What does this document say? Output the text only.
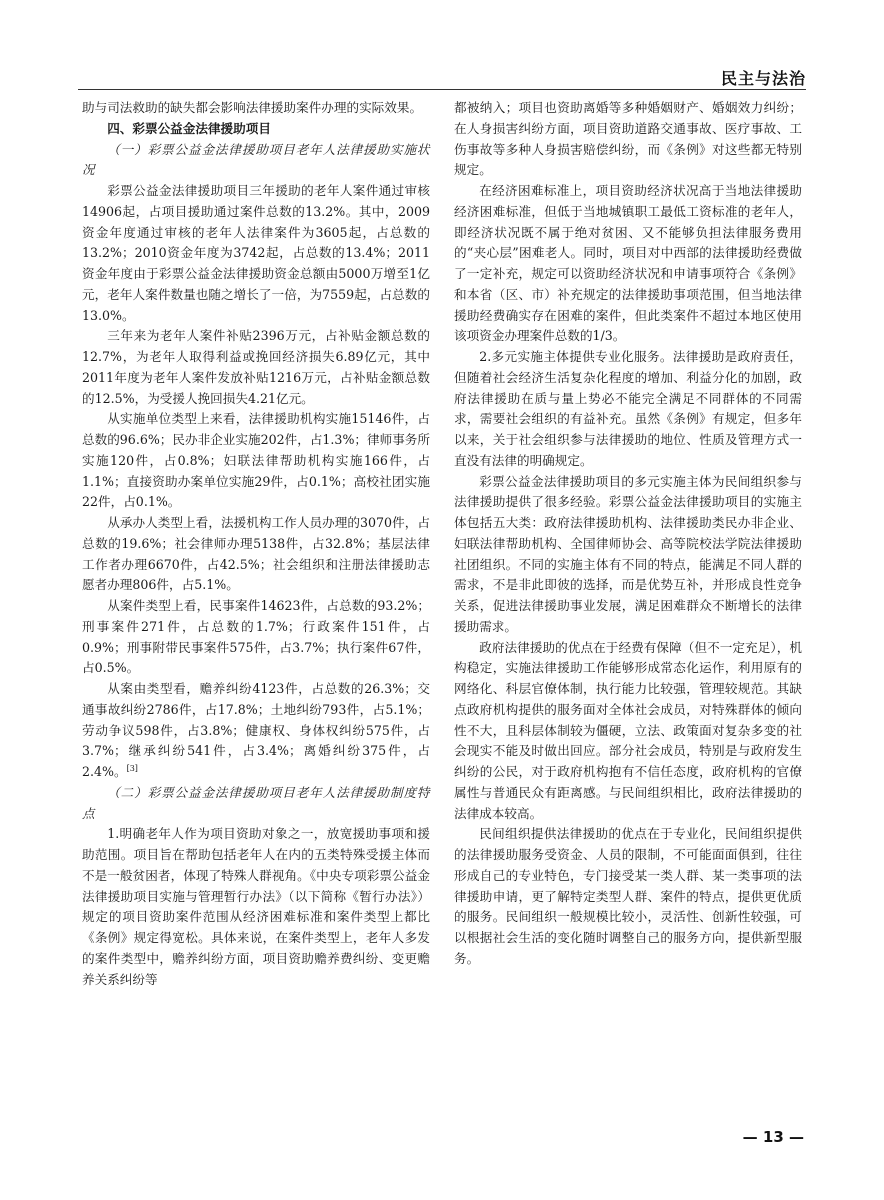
民主与法治

助与司法救助的缺失都会影响法律援助案件办理的实际效果。

四、彩票公益金法律援助项目
（一）彩票公益金法律援助项目老年人法律援助实施状况

彩票公益金法律援助项目三年援助的老年人案件通过审核14906起，占项目援助通过案件总数的13.2%。其中，2009资金年度通过审核的老年人法律案件为3605起，占总数的13.2%；2010资金年度为3742起，占总数的13.4%；2011资金年度由于彩票公益金法律援助资金总额由5000万增至1亿元，老年人案件数量也随之增长了一倍，为7559起，占总数的13.0%。

三年来为老年人案件补贴2396万元，占补贴金额总数的12.7%，为老年人取得利益或挽回经济损失6.89亿元，其中2011年度为老年人案件发放补贴1216万元，占补贴金额总数的12.5%，为受援人挽回损失4.21亿元。

从实施单位类型上来看，法律援助机构实施15146件，占总数的96.6%；民办非企业实施202件，占1.3%；律师事务所实施120件，占0.8%；妇联法律帮助机构实施166件，占1.1%；直接资助办案单位实施29件，占0.1%；高校社团实施22件，占0.1%。

从承办人类型上看，法援机构工作人员办理的3070件，占总数的19.6%；社会律师办理5138件，占32.8%；基层法律工作者办理6670件，占42.5%；社会组织和注册法律援助志愿者办理806件，占5.1%。

从案件类型上看，民事案件14623件，占总数的93.2%；刑事案件271件，占总数的1.7%；行政案件151件，占0.9%；刑事附带民事案件575件，占3.7%；执行案件67件，占0.5%。

从案由类型看，赡养纠纷4123件，占总数的26.3%；交通事故纠纷2786件，占17.8%；土地纠纷793件，占5.1%；劳动争议598件，占3.8%；健康权、身体权纠纷575件，占3.7%；继承纠纷541件，占3.4%；离婚纠纷375件，占2.4%。[3]

（二）彩票公益金法律援助项目老年人法律援助制度特点

1.明确老年人作为项目资助对象之一，放宽援助事项和援助范围。项目旨在帮助包括老年人在内的五类特殊受援主体而不是一般贫困者，体现了特殊人群视角。《中央专项彩票公益金法律援助项目实施与管理暂行办法》（以下简称《暂行办法》）规定的项目资助案件范围从经济困难标准和案件类型上都比《条例》规定得宽松。具体来说，在案件类型上，老年人多发的案件类型中，赡养纠纷方面，项目资助赡养费纠纷、变更赡养关系纠纷等

都被纳入；项目也资助离婚等多种婚姻财产、婚姻效力纠纷；在人身损害纠纷方面，项目资助道路交通事故、医疗事故、工伤事故等多种人身损害赔偿纠纷，而《条例》对这些都无特别规定。

在经济困难标准上，项目资助经济状况高于当地法律援助经济困难标准，但低于当地城镇职工最低工资标准的老年人，即经济状况既不属于绝对贫困、又不能够负担法律服务费用的“夹心层”困难老人。同时，项目对中西部的法律援助经费做了一定补充，规定可以资助经济状况和申请事项符合《条例》和本省（区、市）补充规定的法律援助事项范围，但当地法律援助经费确实存在困难的案件，但此类案件不超过本地区使用该项资金办理案件总数的1/3。

2.多元实施主体提供专业化服务。法律援助是政府责任，但随着社会经济生活复杂化程度的增加、利益分化的加剧，政府法律援助在质与量上势必不能完全满足不同群体的不同需求，需要社会组织的有益补充。虽然《条例》有规定，但多年以来，关于社会组织参与法律援助的地位、性质及管理方式一直没有法律的明确规定。

彩票公益金法律援助项目的多元实施主体为民间组织参与法律援助提供了很多经验。彩票公益金法律援助项目的实施主体包括五大类：政府法律援助机构、法律援助类民办非企业、妇联法律帮助机构、全国律师协会、高等院校法学院法律援助社团组织。不同的实施主体有不同的特点，能满足不同人群的需求，不是非此即彼的选择，而是优势互补，并形成良性竞争关系，促进法律援助事业发展，满足困难群众不断增长的法律援助需求。

政府法律援助的优点在于经费有保障（但不一定充足），机构稳定，实施法律援助工作能够形成常态化运作，利用原有的网络化、科层官僚体制，执行能力比较强，管理较规范。其缺点政府机构提供的服务面对全体社会成员，对特殊群体的倾向性不大，且科层体制较为僵硬，立法、政策面对复杂多变的社会现实不能及时做出回应。部分社会成员，特别是与政府发生纠纷的公民，对于政府机构抱有不信任态度，政府机构的官僚属性与普通民众有距离感。与民间组织相比，政府法律援助的法律成本较高。

民间组织提供法律援助的优点在于专业化，民间组织提供的法律援助服务受资金、人员的限制，不可能面面俱到，往往形成自己的专业特色，专门接受某一类人群、某一类事项的法律援助申请，更了解特定类型人群、案件的特点，提供更优质的服务。民间组织一般规模比较小，灵活性、创新性较强，可以根据社会生活的变化随时调整自己的服务方向，提供新型服务。

— 13 —
